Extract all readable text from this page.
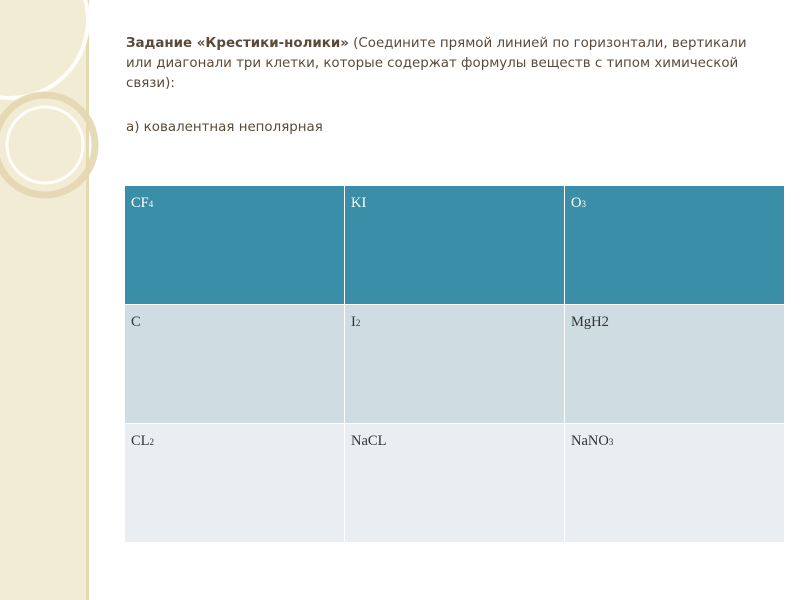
Задание «Крестики-нолики» (Соедините прямой линией по горизонтали, вертикали или диагонали три клетки, которые содержат формулы веществ с типом химической связи):
а) ковалентная неполярная
CF4	KI	O3
C	I2	MgH2
CL2	NaCL	NaNO3
